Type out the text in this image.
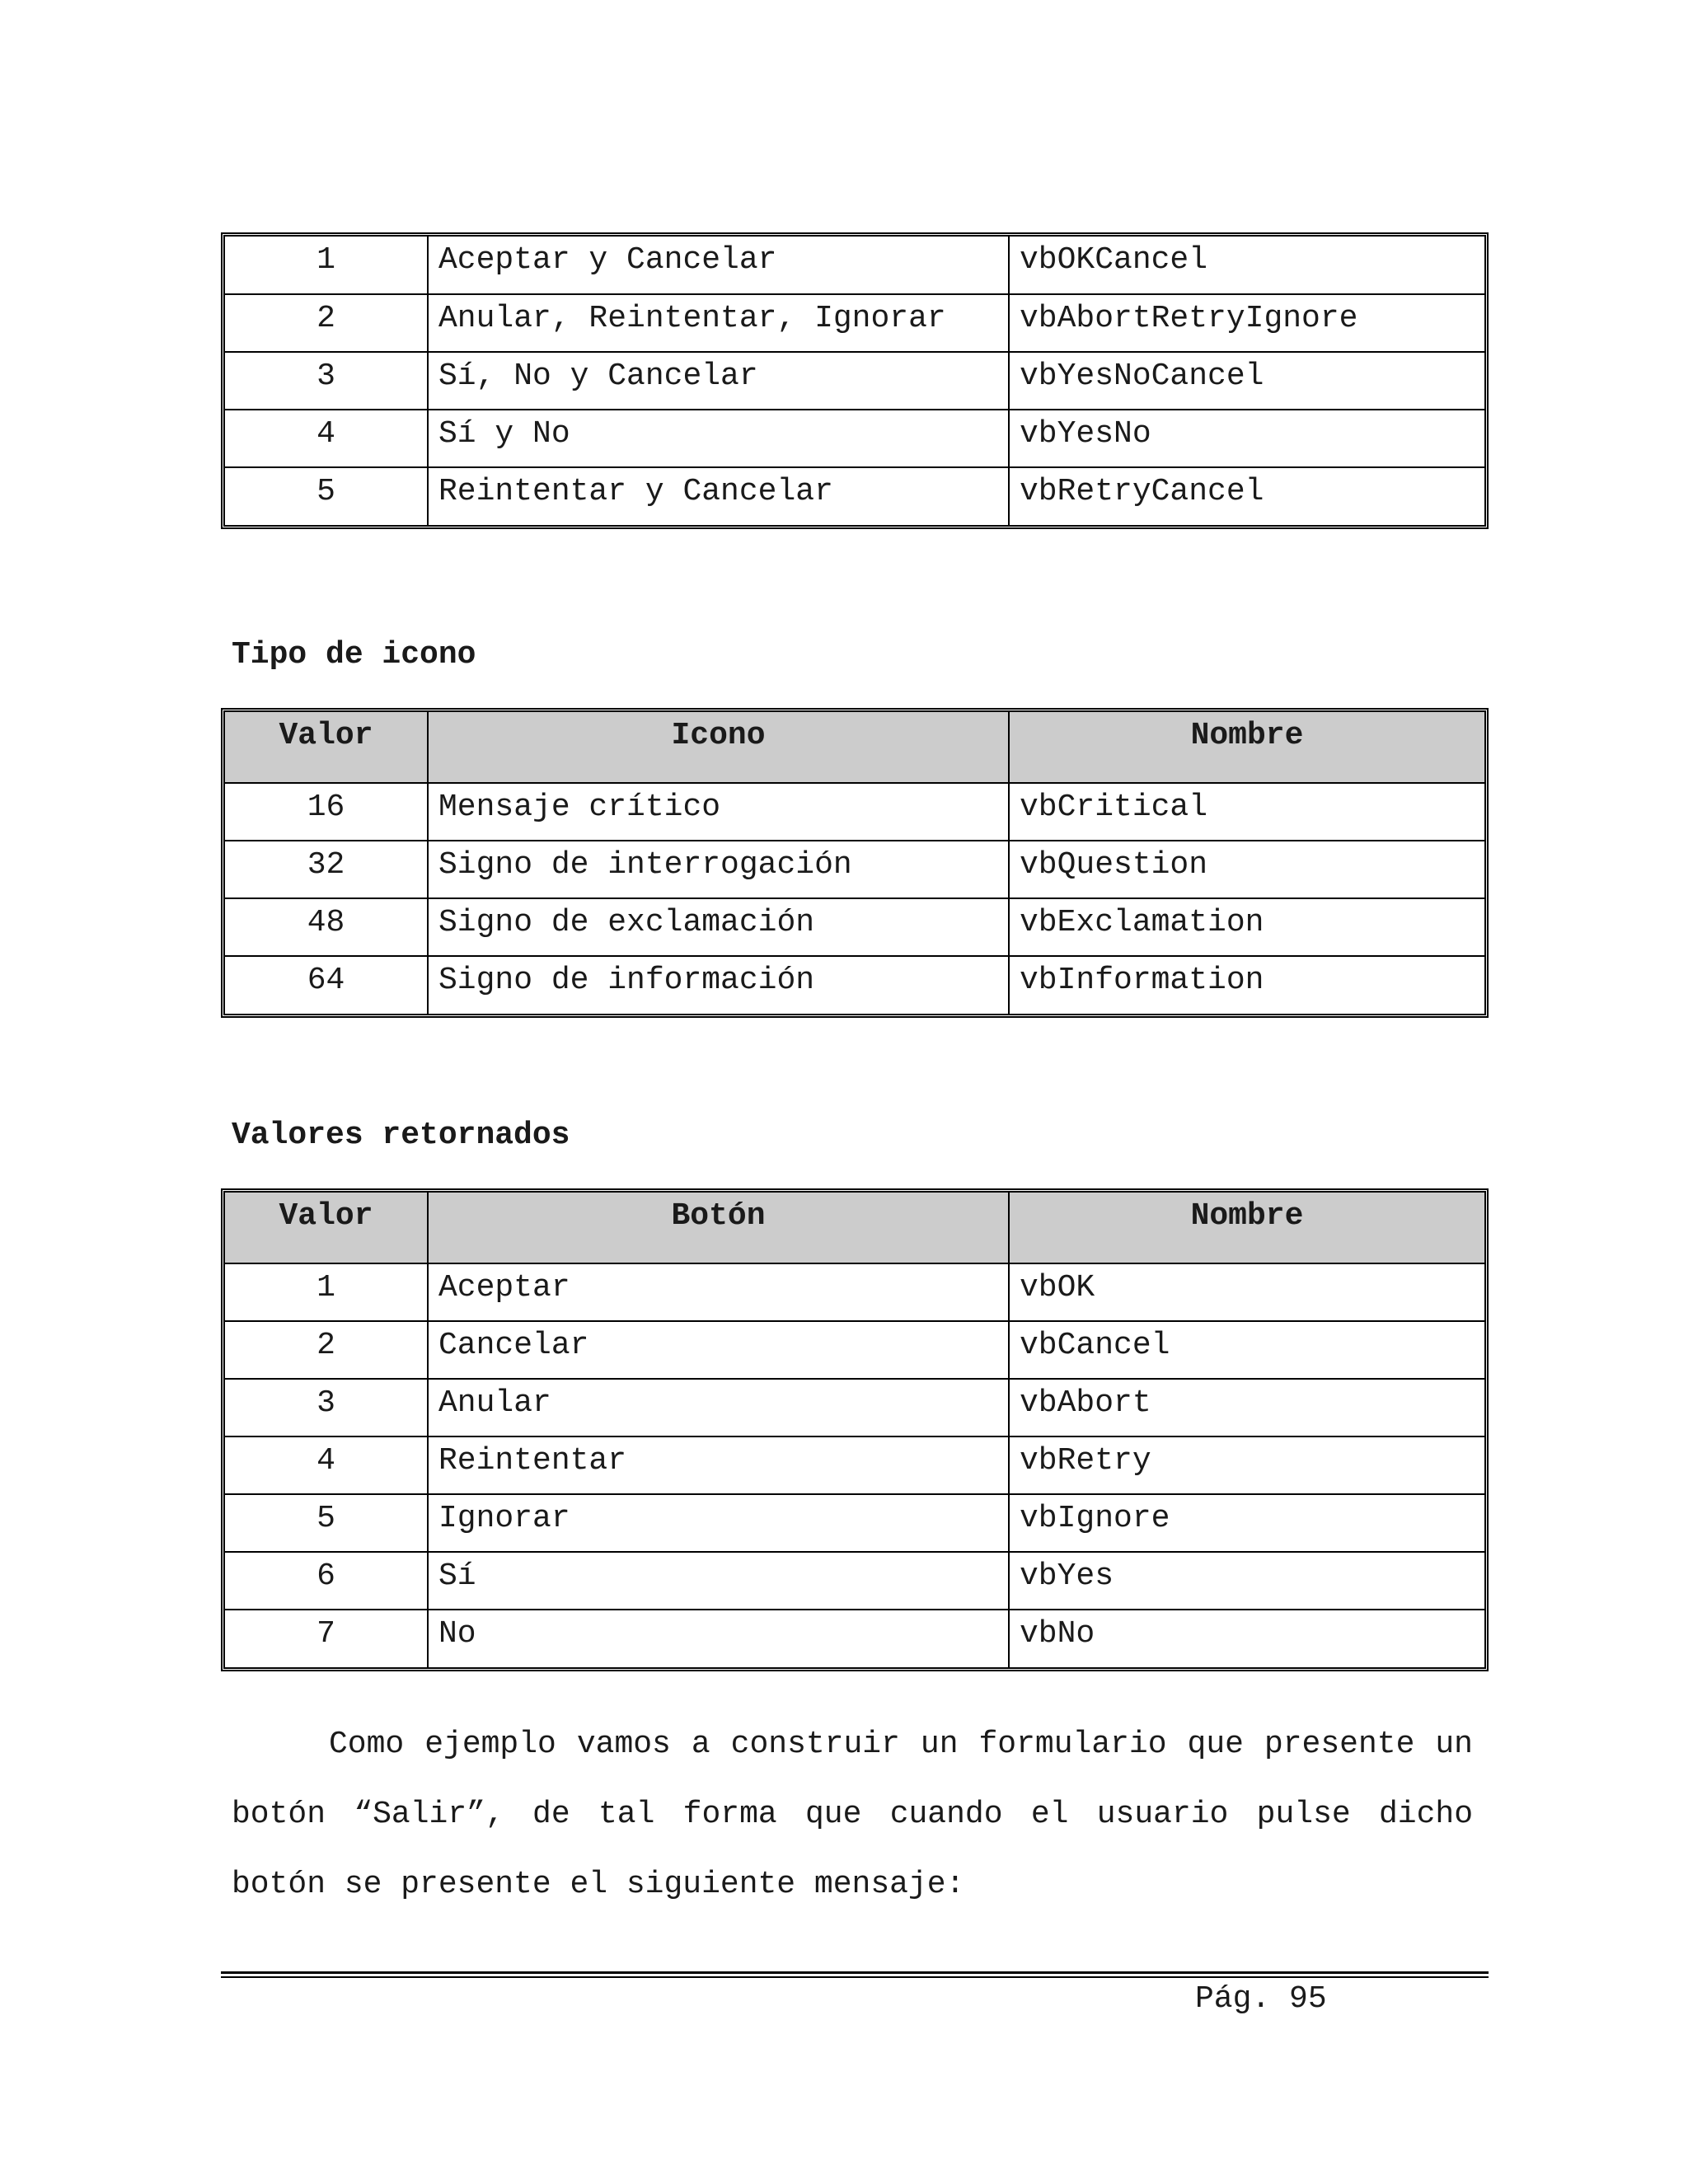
1	Aceptar y Cancelar	vbOKCancel
2	Anular, Reintentar, Ignorar	vbAbortRetryIgnore
3	Sí, No y Cancelar	vbYesNoCancel
4	Sí y No	vbYesNo
5	Reintentar y Cancelar	vbRetryCancel
Tipo de icono
Valor	Icono	Nombre
16	Mensaje crítico	vbCritical
32	Signo de interrogación	vbQuestion
48	Signo de exclamación	vbExclamation
64	Signo de información	vbInformation
Valores retornados
Valor	Botón	Nombre
1	Aceptar	vbOK
2	Cancelar	vbCancel
3	Anular	vbAbort
4	Reintentar	vbRetry
5	Ignorar	vbIgnore
6	Sí	vbYes
7	No	vbNo

Como ejemplo vamos a construir un formulario que presente un botón “Salir”, de tal forma que cuando el usuario pulse dicho botón se presente el siguiente mensaje:

Pág. 95
